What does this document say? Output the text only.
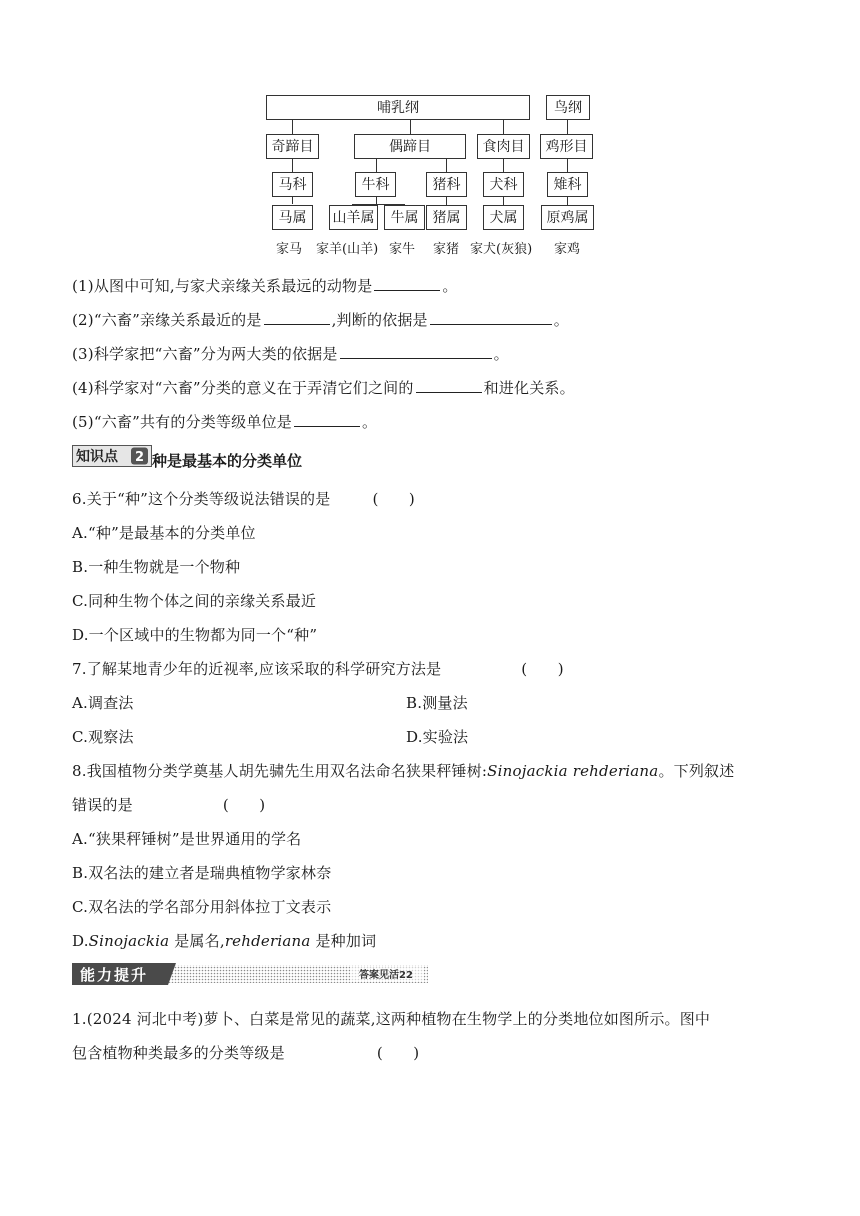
哺乳纲	鸟纲
奇蹄目	偶蹄目	食肉目	鸡形目
马科	牛科	猪科	犬科	雉科
马属	山羊属	牛属	猪属	犬属	原鸡属
家马 家羊(山羊) 家牛 家猪 家犬(灰狼) 家鸡
(1)从图中可知,与家犬亲缘关系最远的动物是	。
(2)“六畜”亲缘关系最近的是	,判断的依据是	。
(3)科学家把“六畜”分为两大类的依据是	。
(4)科学家对“六畜”分类的意义在于弄清它们之间的	和进化关系。
(5)“六畜”共有的分类等级单位是	。
知识点 2 种是最基本的分类单位
6.关于“种”这个分类等级说法错误的是	(　　)
A.“种”是最基本的分类单位
B.一种生物就是一个物种
C.同种生物个体之间的亲缘关系最近
D.一个区域中的生物都为同一个“种”
7.了解某地青少年的近视率,应该采取的科学研究方法是	(　　)
A.调查法	B.测量法
C.观察法	D.实验法
8.我国植物分类学奠基人胡先骕先生用双名法命名狭果秤锤树:Sinojackia rehderiana。下列叙述
错误的是	(　　)
A.“狭果秤锤树”是世界通用的学名
B.双名法的建立者是瑞典植物学家林奈
C.双名法的学名部分用斜体拉丁文表示
D.Sinojackia 是属名,rehderiana 是种加词
能力提升	答案见活22
1.(2024 河北中考)萝卜、白菜是常见的蔬菜,这两种植物在生物学上的分类地位如图所示。图中
包含植物种类最多的分类等级是	(　　)
